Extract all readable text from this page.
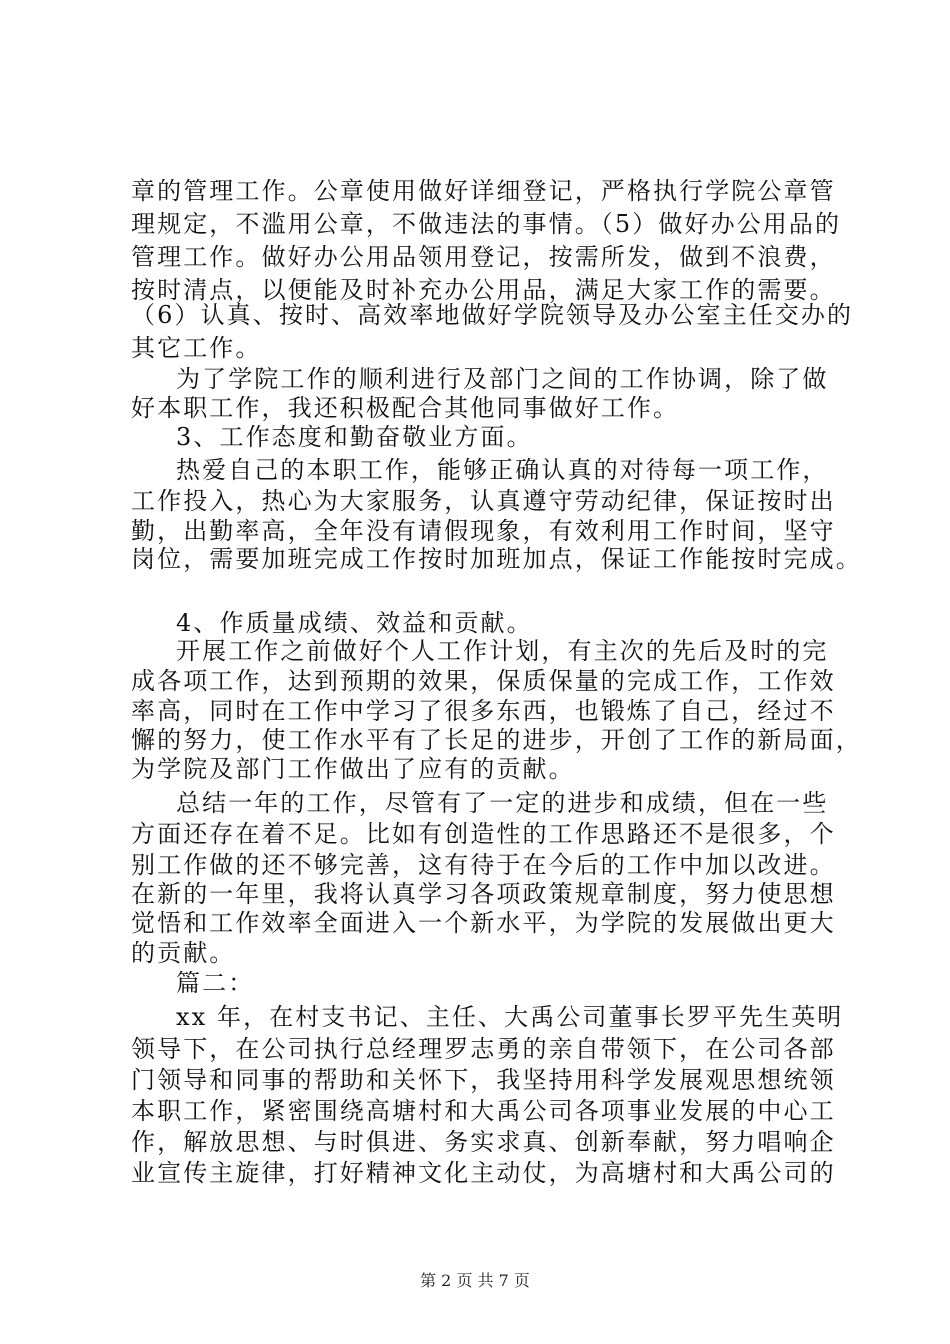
章的管理工作。公章使用做好详细登记，严格执行学院公章管
理规定，不滥用公章，不做违法的事情。（5）做好办公用品的
管理工作。做好办公用品领用登记，按需所发，做到不浪费，
按时清点，以便能及时补充办公用品，满足大家工作的需要。
（6）认真、按时、高效率地做好学院领导及办公室主任交办的
其它工作。
为了学院工作的顺利进行及部门之间的工作协调，除了做
好本职工作，我还积极配合其他同事做好工作。
3、工作态度和勤奋敬业方面。
热爱自己的本职工作，能够正确认真的对待每一项工作，
工作投入，热心为大家服务，认真遵守劳动纪律，保证按时出
勤，出勤率高，全年没有请假现象，有效利用工作时间，坚守
岗位，需要加班完成工作按时加班加点，保证工作能按时完成。
4、作质量成绩、效益和贡献。
开展工作之前做好个人工作计划，有主次的先后及时的完
成各项工作，达到预期的效果，保质保量的完成工作，工作效
率高，同时在工作中学习了很多东西，也锻炼了自己，经过不
懈的努力，使工作水平有了长足的进步，开创了工作的新局面，
为学院及部门工作做出了应有的贡献。
总结一年的工作，尽管有了一定的进步和成绩，但在一些
方面还存在着不足。比如有创造性的工作思路还不是很多，个
别工作做的还不够完善，这有待于在今后的工作中加以改进。
在新的一年里，我将认真学习各项政策规章制度，努力使思想
觉悟和工作效率全面进入一个新水平，为学院的发展做出更大
的贡献。
篇二：
xx 年，在村支书记、主任、大禹公司董事长罗平先生英明
领导下，在公司执行总经理罗志勇的亲自带领下，在公司各部
门领导和同事的帮助和关怀下，我坚持用科学发展观思想统领
本职工作，紧密围绕高塘村和大禹公司各项事业发展的中心工
作，解放思想、与时俱进、务实求真、创新奉献，努力唱响企
业宣传主旋律，打好精神文化主动仗，为高塘村和大禹公司的
第 2 页 共 7 页
